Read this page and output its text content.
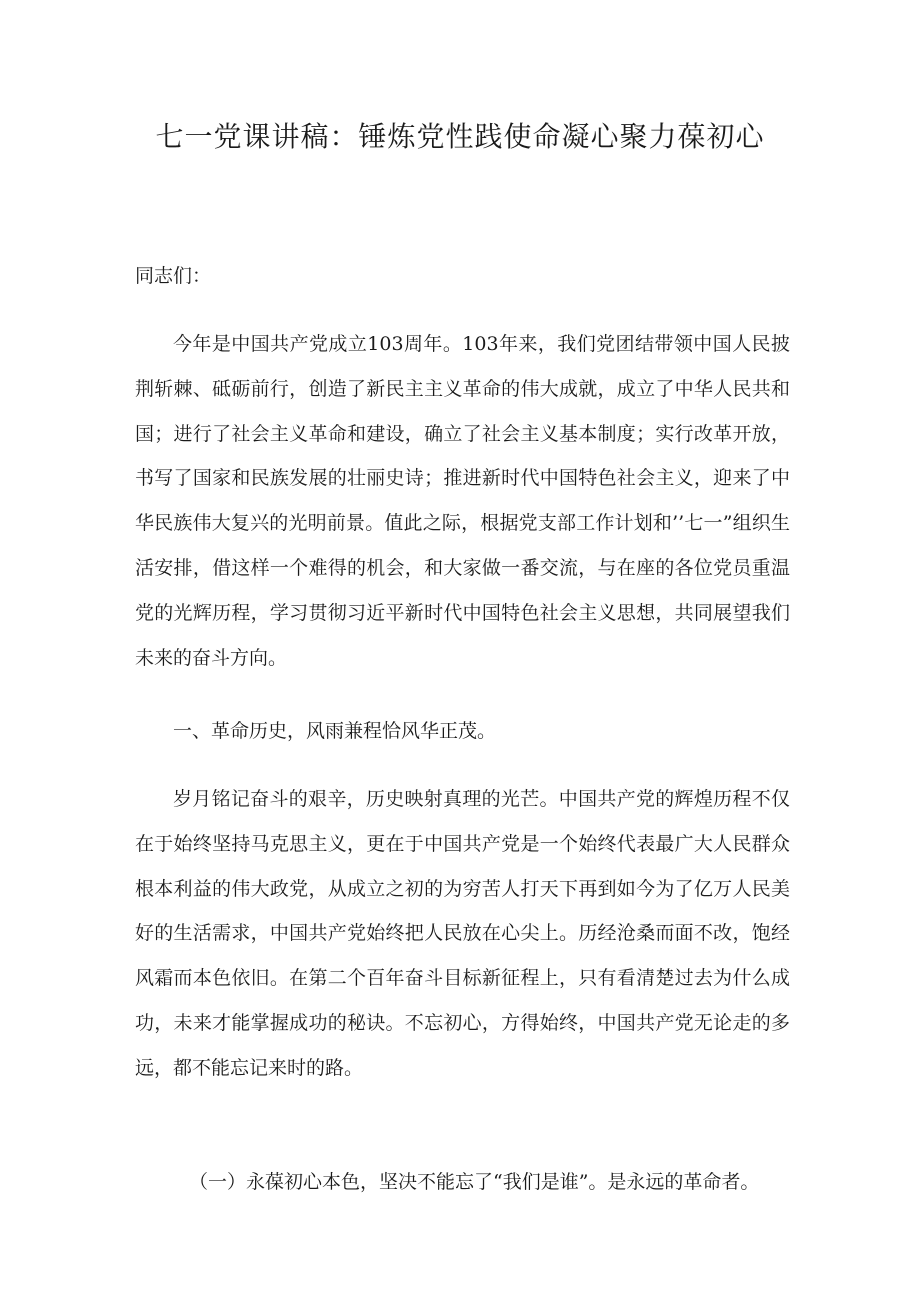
七一党课讲稿：锤炼党性践使命凝心聚力葆初心

同志们：

今年是中国共产党成立103周年。103年来，我们党团结带领中国人民披荆斩棘、砥砺前行，创造了新民主主义革命的伟大成就，成立了中华人民共和国；进行了社会主义革命和建设，确立了社会主义基本制度；实行改革开放，书写了国家和民族发展的壮丽史诗；推进新时代中国特色社会主义，迎来了中华民族伟大复兴的光明前景。值此之际，根据党支部工作计划和’’七一”组织生活安排，借这样一个难得的机会，和大家做一番交流，与在座的各位党员重温党的光辉历程，学习贯彻习近平新时代中国特色社会主义思想，共同展望我们未来的奋斗方向。

一、革命历史，风雨兼程恰风华正茂。

岁月铭记奋斗的艰辛，历史映射真理的光芒。中国共产党的辉煌历程不仅在于始终坚持马克思主义，更在于中国共产党是一个始终代表最广大人民群众根本利益的伟大政党，从成立之初的为穷苦人打天下再到如今为了亿万人民美好的生活需求，中国共产党始终把人民放在心尖上。历经沧桑而面不改，饱经风霜而本色依旧。在第二个百年奋斗目标新征程上，只有看清楚过去为什么成功，未来才能掌握成功的秘诀。不忘初心，方得始终，中国共产党无论走的多远，都不能忘记来时的路。

（一）永葆初心本色，坚决不能忘了“我们是谁”。是永远的革命者。
